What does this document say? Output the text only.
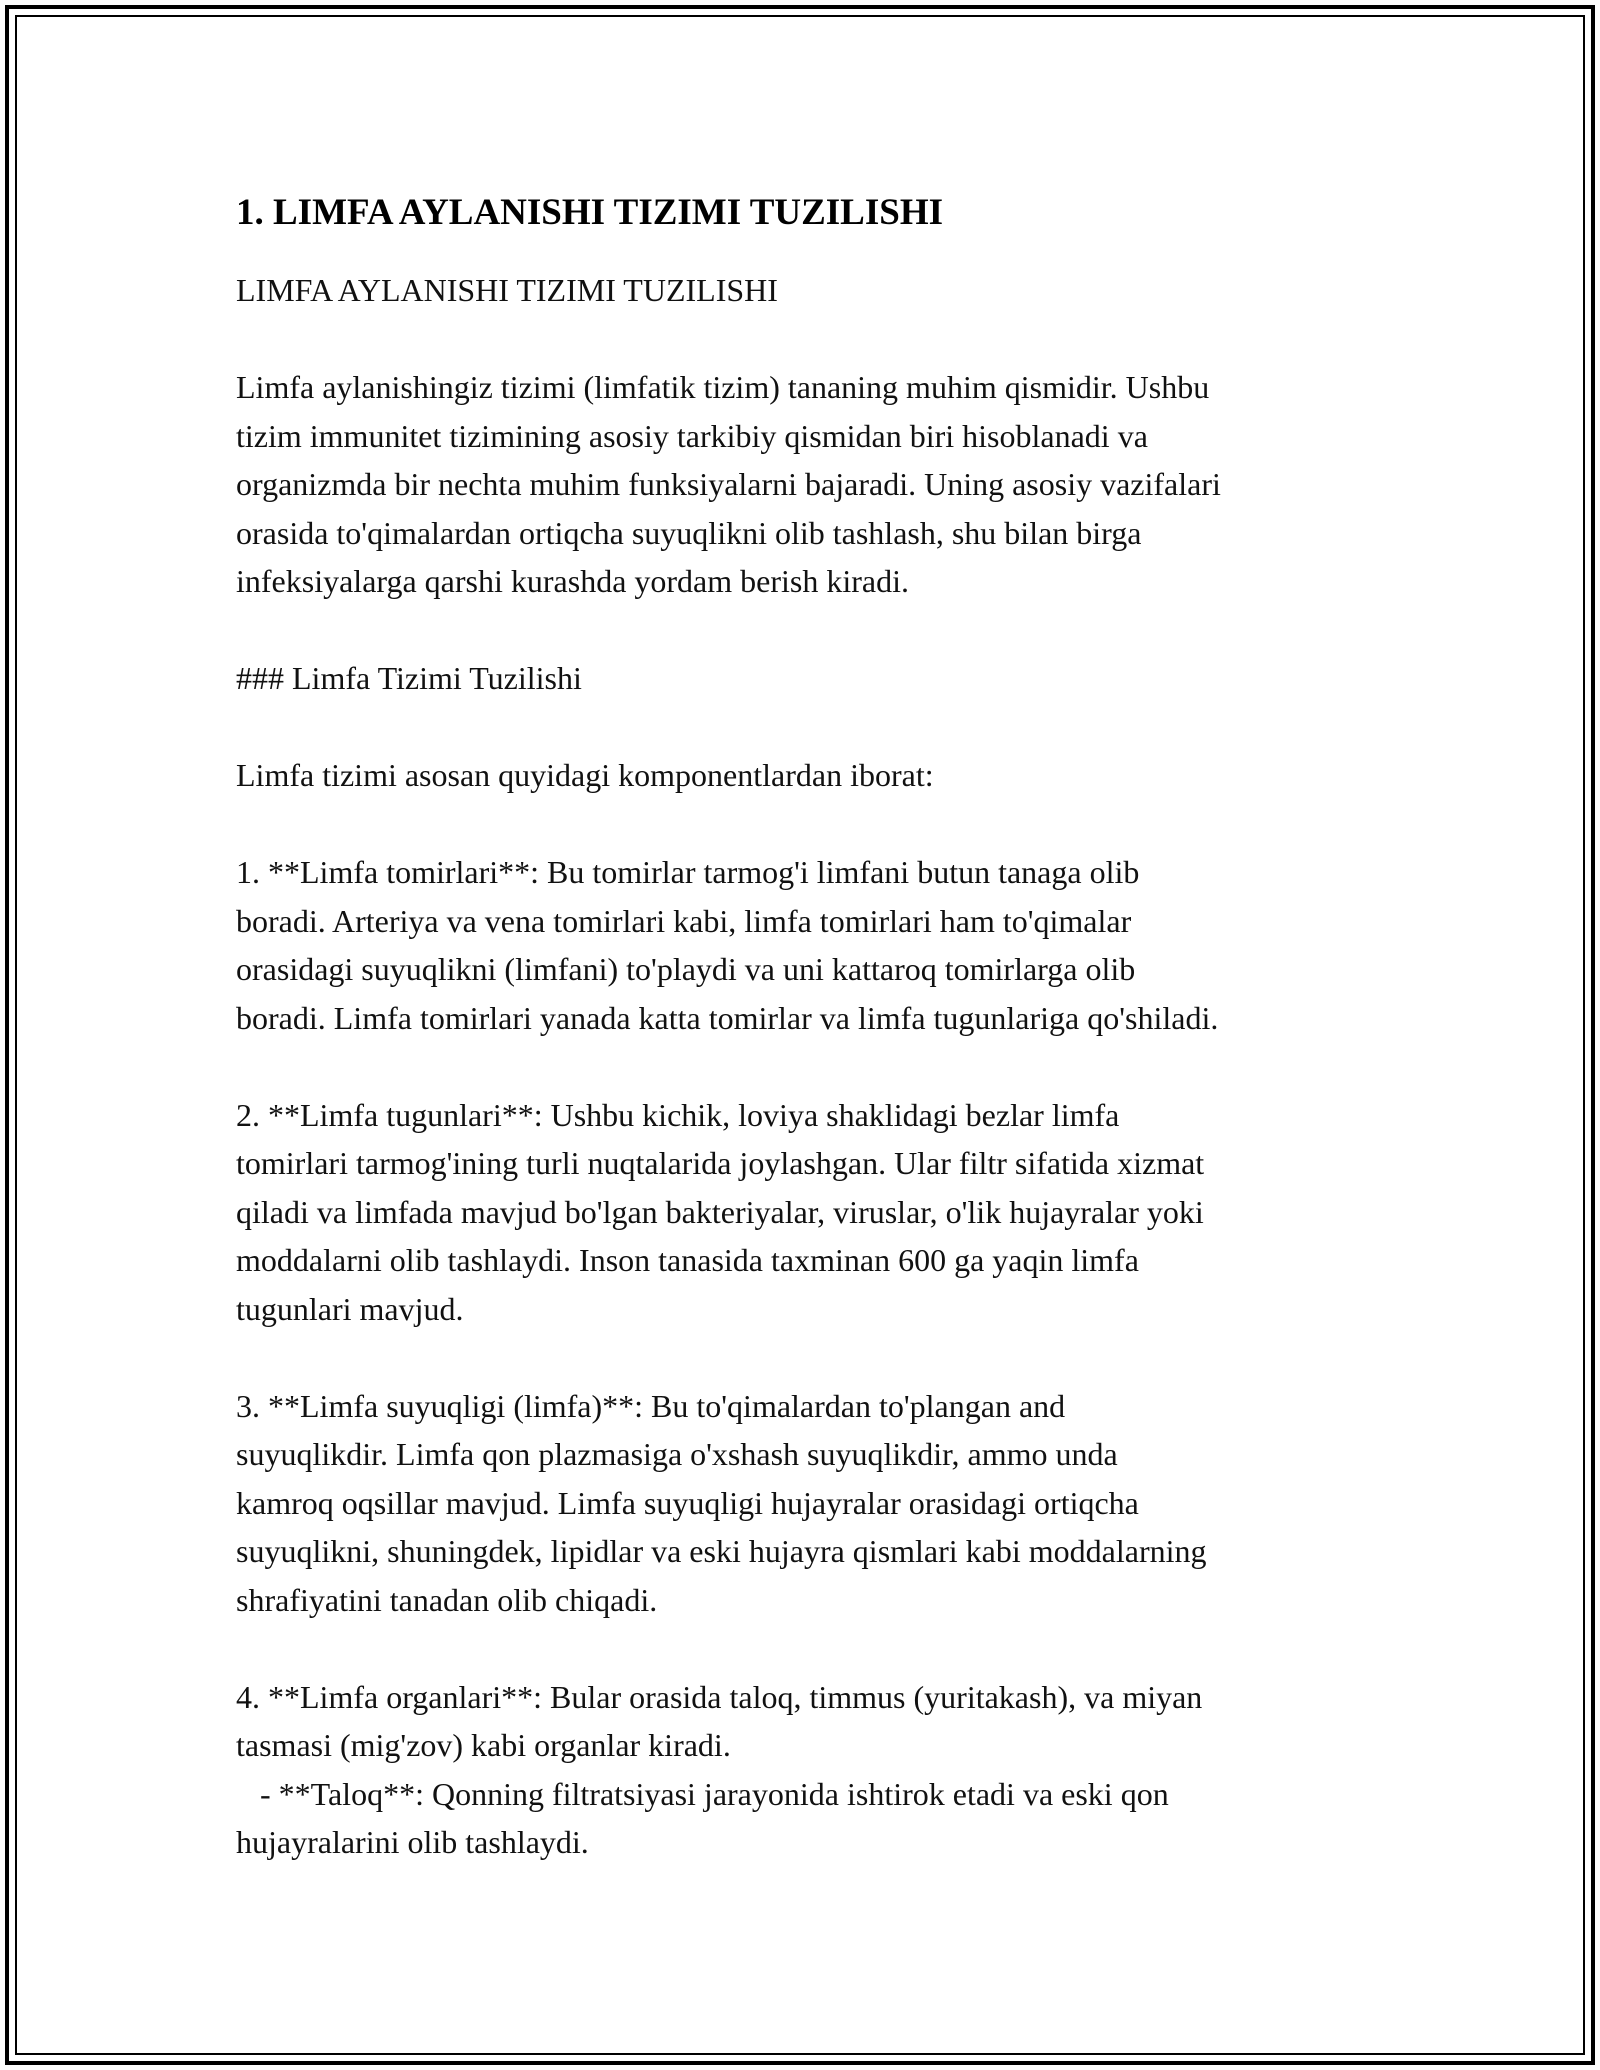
1. LIMFA AYLANISHI TIZIMI TUZILISHI

LIMFA AYLANISHI TIZIMI TUZILISHI

Limfa aylanishingiz tizimi (limfatik tizim) tananing muhim qismidir. Ushbu
tizim immunitet tizimining asosiy tarkibiy qismidan biri hisoblanadi va
organizmda bir nechta muhim funksiyalarni bajaradi. Uning asosiy vazifalari
orasida to'qimalardan ortiqcha suyuqlikni olib tashlash, shu bilan birga
infeksiyalarga qarshi kurashda yordam berish kiradi.

### Limfa Tizimi Tuzilishi

Limfa tizimi asosan quyidagi komponentlardan iborat:

1. **Limfa tomirlari**: Bu tomirlar tarmog'i limfani butun tanaga olib
boradi. Arteriya va vena tomirlari kabi, limfa tomirlari ham to'qimalar
orasidagi suyuqlikni (limfani) to'playdi va uni kattaroq tomirlarga olib
boradi. Limfa tomirlari yanada katta tomirlar va limfa tugunlariga qo'shiladi.

2. **Limfa tugunlari**: Ushbu kichik, loviya shaklidagi bezlar limfa
tomirlari tarmog'ining turli nuqtalarida joylashgan. Ular filtr sifatida xizmat
qiladi va limfada mavjud bo'lgan bakteriyalar, viruslar, o'lik hujayralar yoki
moddalarni olib tashlaydi. Inson tanasida taxminan 600 ga yaqin limfa
tugunlari mavjud.

3. **Limfa suyuqligi (limfa)**: Bu to'qimalardan to'plangan and
suyuqlikdir. Limfa qon plazmasiga o'xshash suyuqlikdir, ammo unda
kamroq oqsillar mavjud. Limfa suyuqligi hujayralar orasidagi ortiqcha
suyuqlikni, shuningdek, lipidlar va eski hujayra qismlari kabi moddalarning
shrafiyatini tanadan olib chiqadi.

4. **Limfa organlari**: Bular orasida taloq, timmus (yuritakash), va miyan
tasmasi (mig'zov) kabi organlar kiradi.
- **Taloq**: Qonning filtratsiyasi jarayonida ishtirok etadi va eski qon
hujayralarini olib tashlaydi.
